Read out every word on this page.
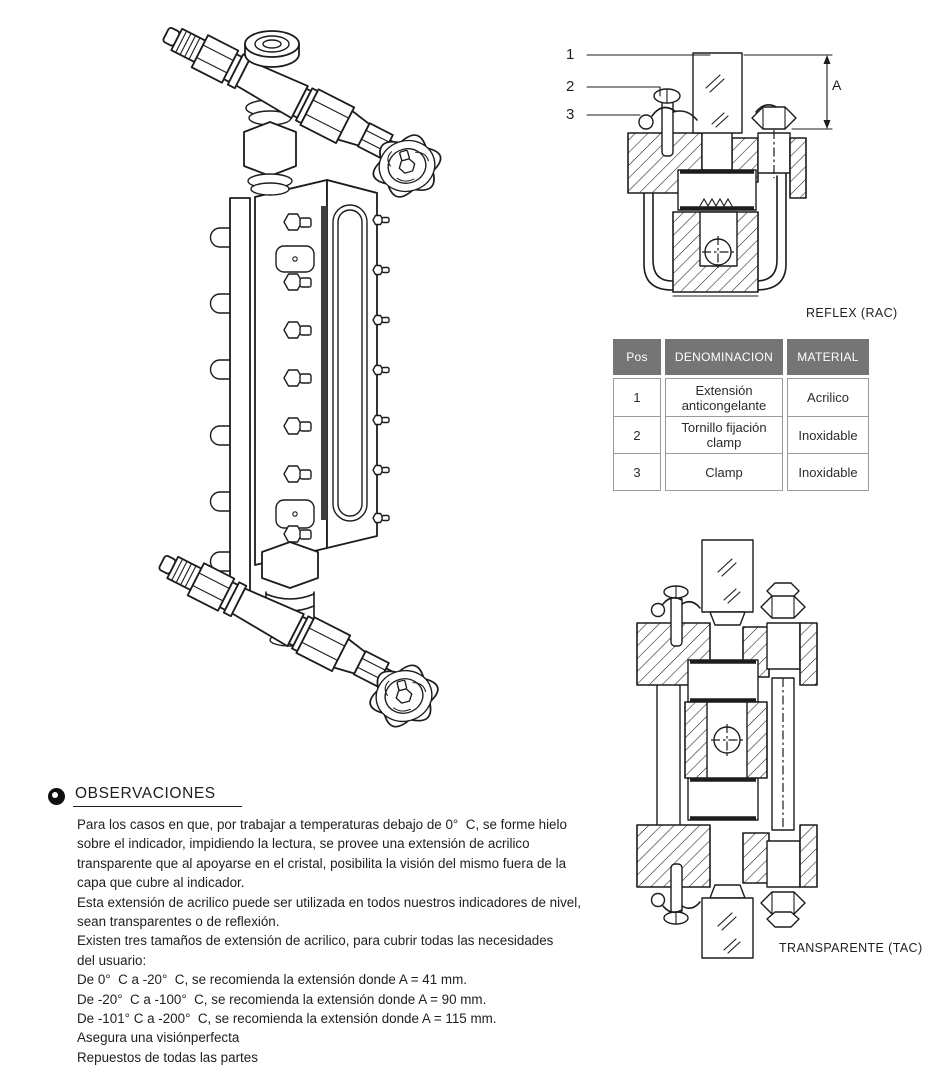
1
2
3
A
REFLEX (RAC)
Pos
1
2
3
DENOMINACION
Extensión anticongelante
Tornillo fijación clamp
Clamp
MATERIAL
Acrilico
Inoxidable
Inoxidable
TRANSPARENTE (TAC)
OBSERVACIONES
Para los casos en que, por trabajar a temperaturas debajo de 0°  C, se forme hielo
sobre el indicador, impidiendo la lectura, se provee una extensión de acrilico
transparente que al apoyarse en el cristal, posibilita la visión del mismo fuera de la
capa que cubre al indicador.
Esta extensión de acrilico puede ser utilizada en todos nuestros indicadores de nivel,
sean transparentes o de reflexión.
Existen tres tamaños de extensión de acrilico, para cubrir todas las necesidades
del usuario:
De 0°  C a -20°  C, se recomienda la extensión donde A = 41 mm.
De -20°  C a -100°  C, se recomienda la extensión donde A = 90 mm.
De -101° C a -200°  C, se recomienda la extensión donde A = 115 mm.
Asegura una visiónperfecta
Repuestos de todas las partes
